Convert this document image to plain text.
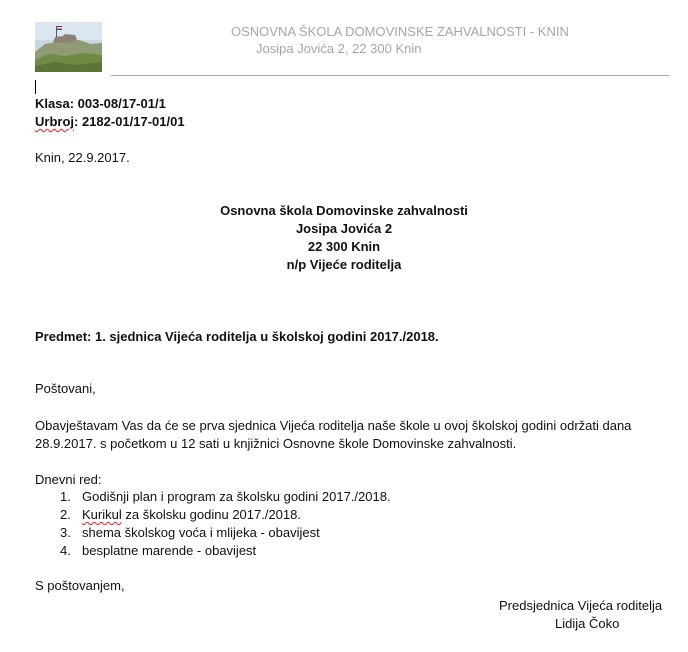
OSNOVNA ŠKOLA DOMOVINSKE ZAHVALNOSTI - KNIN
Josipa Jovića 2, 22 300 Knin
Klasa: 003-08/17-01/1
Urbroj: 2182-01/17-01/01
Knin, 22.9.2017.
Osnovna škola Domovinske zahvalnosti
Josipa Jovića 2
22 300 Knin
n/p Vijeće roditelja
Predmet: 1. sjednica Vijeća roditelja u školskoj godini 2017./2018.
Poštovani,
Obavještavam Vas da će se prva sjednica Vijeća roditelja naše škole u ovoj školskoj godini održati dana
28.9.2017. s početkom u 12 sati u knjižnici Osnovne škole Domovinske zahvalnosti.
Dnevni red:
1. Godišnji plan i program za školsku godini 2017./2018.
2. Kurikul za školsku godinu 2017./2018.
3. shema školskog voća i mlijeka - obavijest
4. besplatne marende - obavijest
S poštovanjem,
Predsjednica Vijeća roditelja
Lidija Čoko
